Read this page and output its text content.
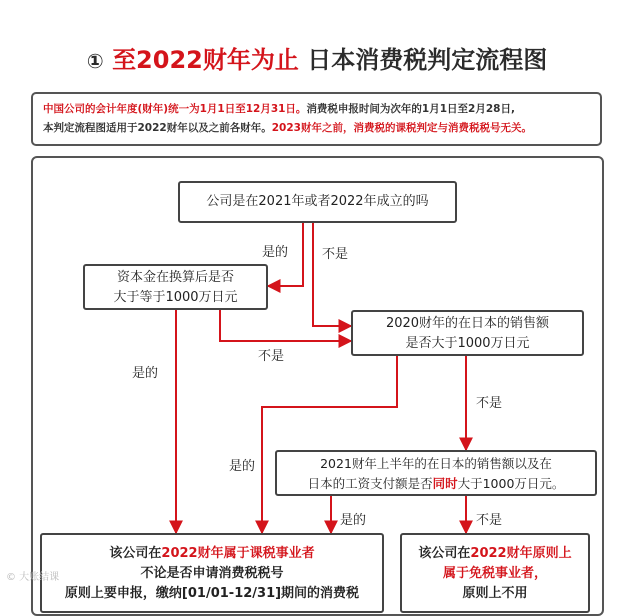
① 至2022财年为止 日本消费税判定流程图
中国公司的会计年度(财年)统一为1月1日至12月31日。消费税申报时间为次年的1月1日至2月28日,
本判定流程图适用于2022财年以及之前各财年。2023财年之前，消费税的课税判定与消费税税号无关。
公司是在2021年或者2022年成立的吗
资本金在换算后是否
大于等于1000万日元
2020财年的在日本的销售额
是否大于1000万日元
2021财年上半年的在日本的销售额以及在
日本的工资支付额是否同时大于1000万日元。
该公司在2022财年属于课税事业者
不论是否申请消费税税号
原则上要申报，缴纳[01/01-12/31]期间的消费税
该公司在2022财年原则上
属于免税事业者，
原则上不用
是的	不是
不是
是的
不是
是的
是的	不是
© 大账结课
